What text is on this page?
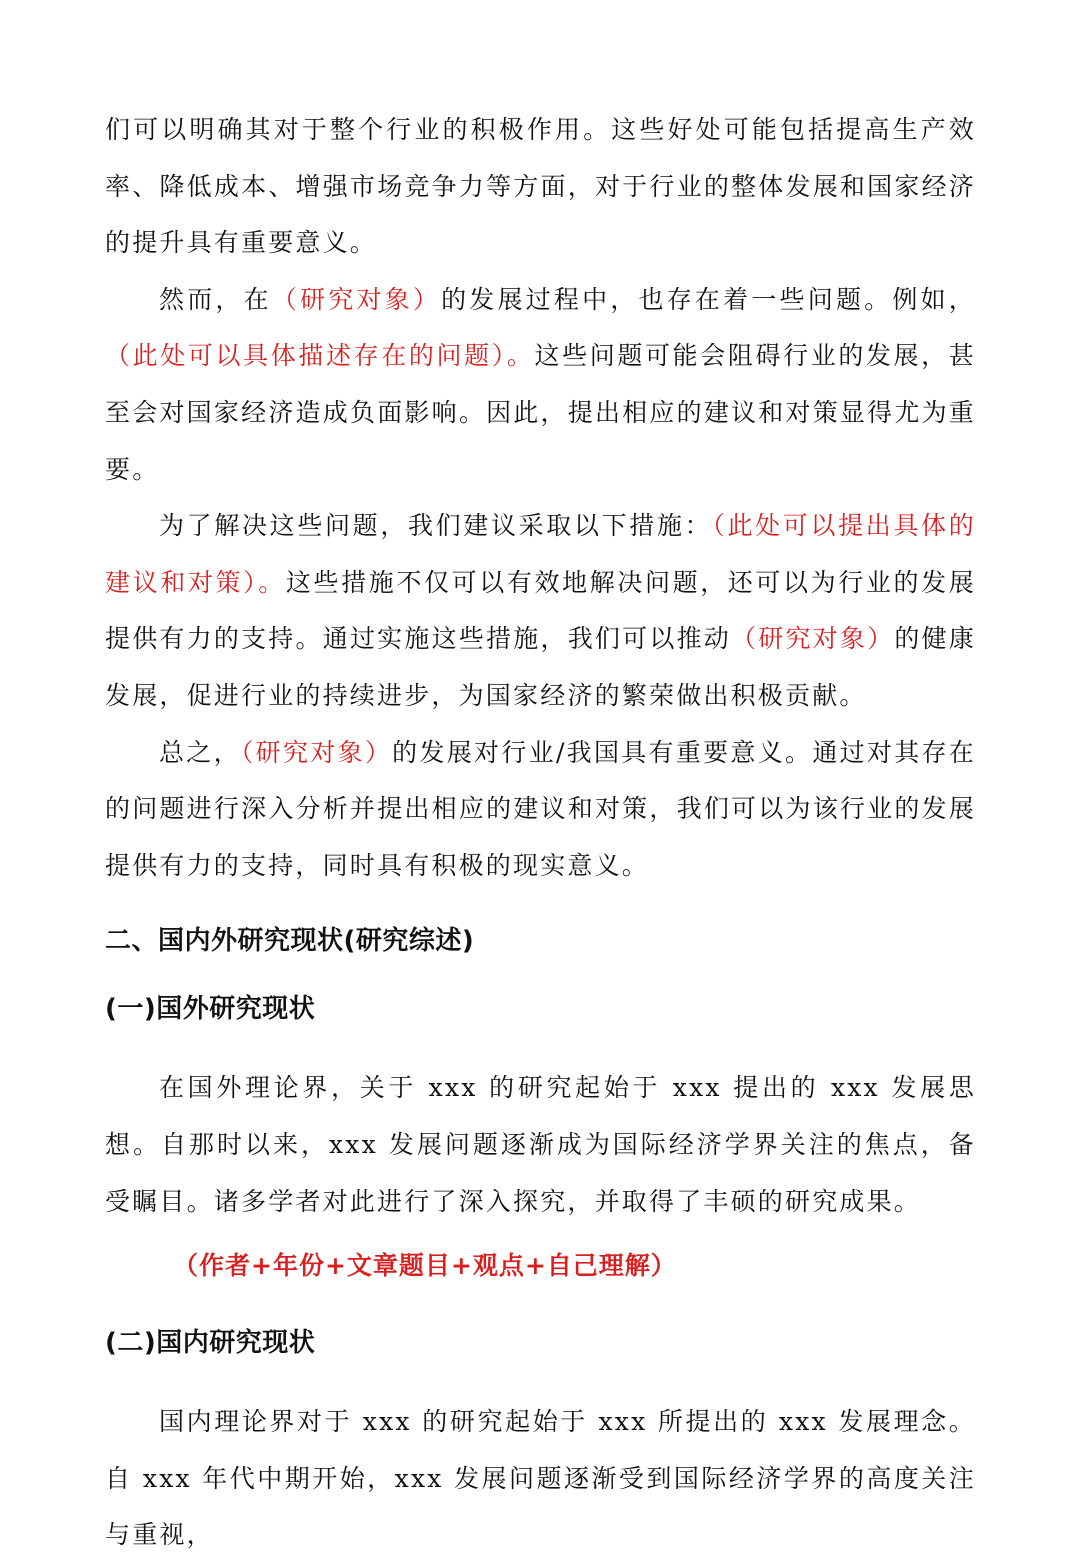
们可以明确其对于整个行业的积极作用。这些好处可能包括提高生产效率、降低成本、增强市场竞争力等方面，对于行业的整体发展和国家经济的提升具有重要意义。

然而，在（研究对象）的发展过程中，也存在着一些问题。例如，（此处可以具体描述存在的问题）。这些问题可能会阻碍行业的发展，甚至会对国家经济造成负面影响。因此，提出相应的建议和对策显得尤为重要。

为了解决这些问题，我们建议采取以下措施：（此处可以提出具体的建议和对策）。这些措施不仅可以有效地解决问题，还可以为行业的发展提供有力的支持。通过实施这些措施，我们可以推动（研究对象）的健康发展，促进行业的持续进步，为国家经济的繁荣做出积极贡献。

总之，（研究对象）的发展对行业/我国具有重要意义。通过对其存在的问题进行深入分析并提出相应的建议和对策，我们可以为该行业的发展提供有力的支持，同时具有积极的现实意义。

二、国内外研究现状(研究综述)
(一)国外研究现状

在国外理论界，关于 xxx 的研究起始于 xxx 提出的 xxx 发展思想。自那时以来，xxx 发展问题逐渐成为国际经济学界关注的焦点，备受瞩目。诸多学者对此进行了深入探究，并取得了丰硕的研究成果。

（作者+年份+文章题目+观点+自己理解）

(二)国内研究现状

国内理论界对于 xxx 的研究起始于 xxx 所提出的 xxx 发展理念。自 xxx 年代中期开始，xxx 发展问题逐渐受到国际经济学界的高度关注与重视，
